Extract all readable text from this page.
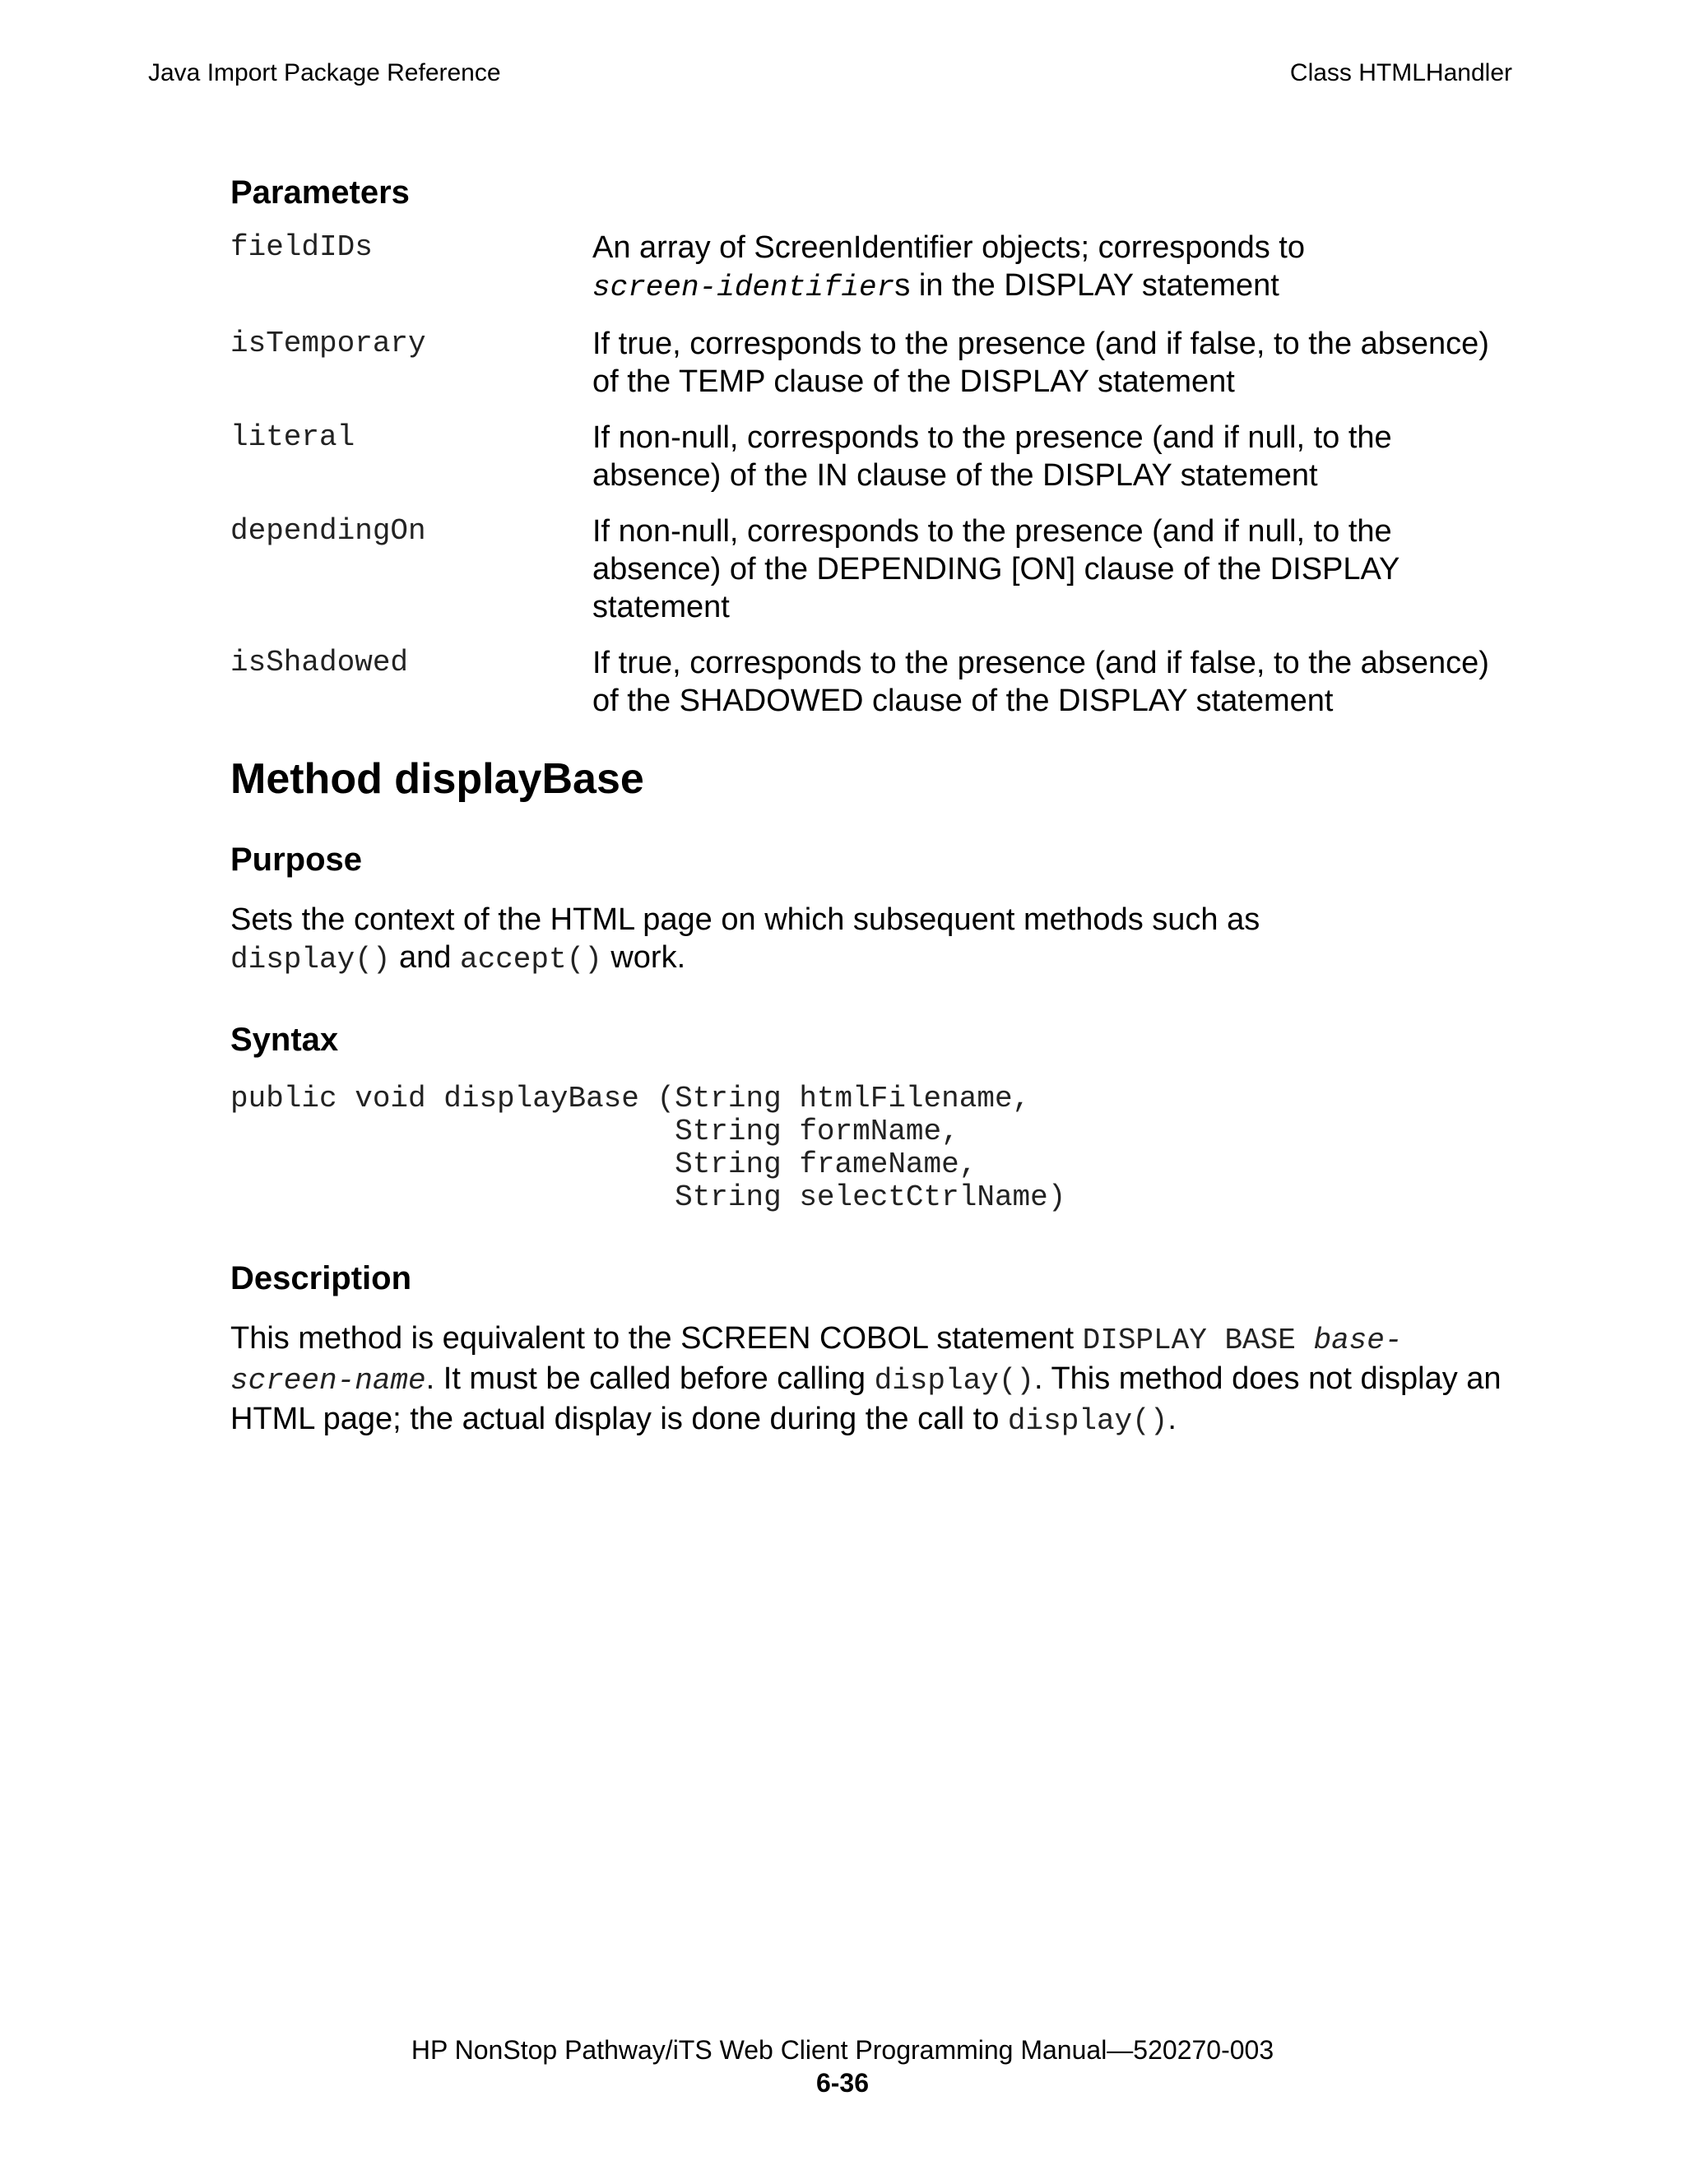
Java Import Package Reference	Class HTMLHandler
Parameters
fieldIDs	An array of ScreenIdentifier objects; corresponds to
screen-identifiers in the DISPLAY statement
isTemporary	If true, corresponds to the presence (and if false, to the absence) of the TEMP clause of the DISPLAY statement
literal	If non-null, corresponds to the presence (and if null, to the absence) of the IN clause of the DISPLAY statement
dependingOn	If non-null, corresponds to the presence (and if null, to the absence) of the DEPENDING [ON] clause of the DISPLAY statement
isShadowed	If true, corresponds to the presence (and if false, to the absence) of the SHADOWED clause of the DISPLAY statement
Method displayBase
Purpose
Sets the context of the HTML page on which subsequent methods such as
display() and accept() work.
Syntax
public void displayBase (String htmlFilename,
String formName,
String frameName,
String selectCtrlName)
Description
This method is equivalent to the SCREEN COBOL statement DISPLAY BASE base-screen-name. It must be called before calling display(). This method does not display an HTML page; the actual display is done during the call to display().
HP NonStop Pathway/iTS Web Client Programming Manual—520270-003
6-36
